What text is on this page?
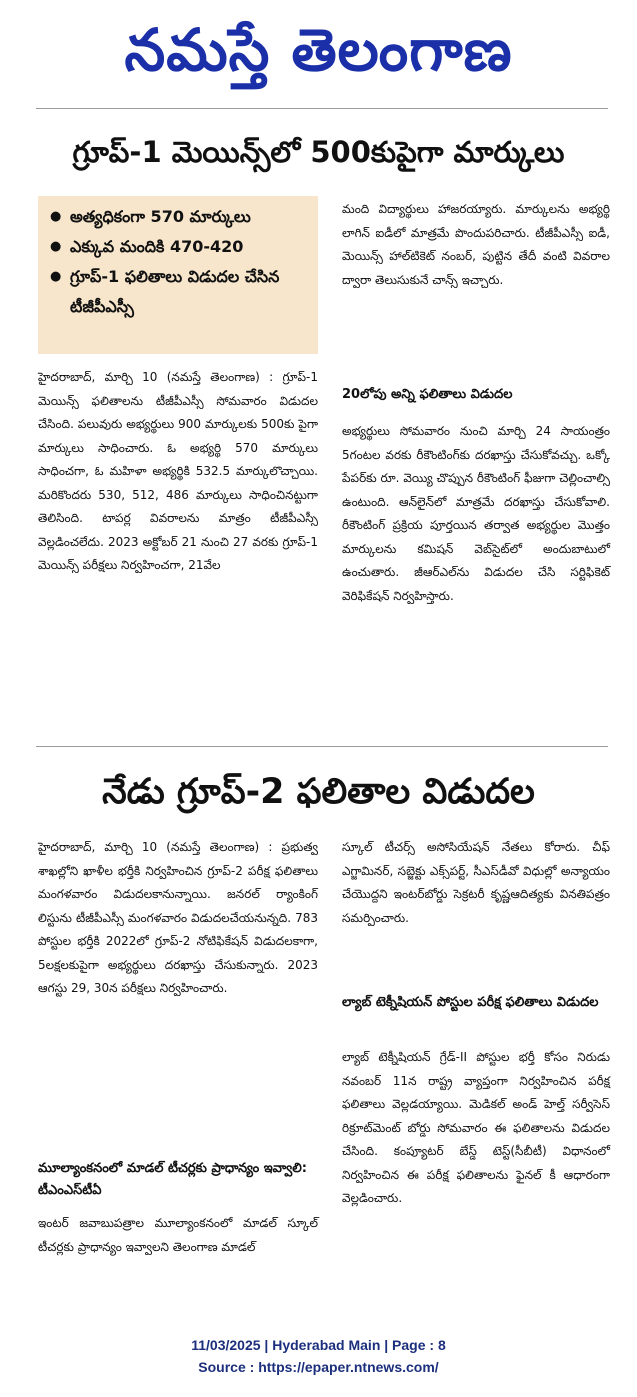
నమస్తే తెలంగాణ
గ్రూప్-1 మెయిన్స్‌లో 500కుపైగా మార్కులు
● అత్యధికంగా 570 మార్కులు
● ఎక్కువ మందికి 470-420
● గ్రూప్-1 ఫలితాలు విడుదల చేసిన టీజీపీఎస్సీ

హైదరాబాద్, మార్చి 10 (నమస్తే తెలంగాణ) : గ్రూప్-1 మెయిన్స్ ఫలితాలను టీజీపీఎస్సీ సోమవారం విడుదల చేసింది. పలువురు అభ్యర్థులు 900 మార్కులకు 500కు పైగా మార్కులు సాధించారు. ఓ అభ్యర్థి 570 మార్కులు సాధించగా, ఓ మహిళా అభ్యర్థికి 532.5 మార్కులొచ్చాయి. మరికొందరు 530, 512, 486 మార్కులు సాధించినట్టుగా తెలిసింది. టాపర్ల వివరాలను మాత్రం టీజీపీఎస్సీ వెల్లడించలేదు. 2023 అక్టోబర్ 21 నుంచి 27 వరకు గ్రూప్-1 మెయిన్స్ పరీక్షలు నిర్వహించగా, 21వేల

మంది విద్యార్థులు హాజరయ్యారు. మార్కులను అభ్యర్థి లాగిన్ ఐడీలో మాత్రమే పొందుపరిచారు. టీజీపీఎస్సీ ఐడీ, మెయిన్స్ హాల్‌టికెట్ నంబర్, పుట్టిన తేదీ వంటి వివరాల ద్వారా తెలుసుకునే చాన్స్ ఇచ్చారు.

20లోపు అన్ని ఫలితాలు విడుదల

అభ్యర్థులు సోమవారం నుంచి మార్చి 24 సాయంత్రం 5గంటల వరకు రీకౌంటింగ్‌కు దరఖాస్తు చేసుకోవచ్చు. ఒక్కో పేపర్‌కు రూ. వెయ్యి చొప్పున రీకౌంటింగ్ ఫీజుగా చెల్లించాల్సి ఉంటుంది. ఆన్‌లైన్‌లో మాత్రమే దరఖాస్తు చేసుకోవాలి. రీకౌంటింగ్ ప్రక్రియ పూర్తయిన తర్వాత అభ్యర్థుల మొత్తం మార్కులను కమిషన్ వెబ్‌సైట్‌లో అందుబాటులో ఉంచుతారు. జీఆర్‌ఎల్‌ను విడుదల చేసి సర్టిఫికెట్ వెరిఫికేషన్ నిర్వహిస్తారు.

నేడు గ్రూప్-2 ఫలితాల విడుదల

హైదరాబాద్, మార్చి 10 (నమస్తే తెలంగాణ) : ప్రభుత్వ శాఖల్లోని ఖాళీల భర్తీకి నిర్వహించిన గ్రూప్-2 పరీక్ష ఫలితాలు మంగళవారం విడుదలకానున్నాయి. జనరల్ ర్యాంకింగ్ లిస్టును టీజీపీఎస్సీ మంగళవారం విడుదలచేయనున్నది. 783 పోస్టుల భర్తీకి 2022లో గ్రూప్-2 నోటిఫికేషన్ విడుదలకాగా, 5లక్షలకుపైగా అభ్యర్థులు దరఖాస్తు చేసుకున్నారు. 2023 ఆగస్టు 29, 30న పరీక్షలు నిర్వహించారు.

మూల్యాంకనంలో మాడల్ టీచర్లకు ప్రాధాన్యం ఇవ్వాలి: టీఎంఎస్‌టీఏ

ఇంటర్ జవాబుపత్రాల మూల్యాంకనంలో మాడల్ స్కూల్ టీచర్లకు ప్రాధాన్యం ఇవ్వాలని తెలంగాణ మాడల్

స్కూల్ టీచర్స్ అసోసియేషన్ నేతలు కోరారు. చీఫ్ ఎగ్జామినర్, సబ్జెక్టు ఎక్స్‌పర్ట్, సీఎస్‌డీవో విధుల్లో అన్యాయం చేయొద్దని ఇంటర్‌బోర్డు సెక్రటరీ కృష్ణఆదిత్యకు వినతిపత్రం సమర్పించారు.

ల్యాబ్ టెక్నీషియన్ పోస్టుల పరీక్ష ఫలితాలు విడుదల

ల్యాబ్ టెక్నీషియన్ గ్రేడ్-II పోస్టుల భర్తీ కోసం నిరుడు నవంబర్ 11న రాష్ట్ర వ్యాప్తంగా నిర్వహించిన పరీక్ష ఫలితాలు వెల్లడయ్యాయి. మెడికల్ అండ్ హెల్త్ సర్వీసెస్ రిక్రూట్‌మెంట్ బోర్డు సోమవారం ఈ ఫలితాలను విడుదల చేసింది. కంప్యూటర్ బేస్డ్ టెస్ట్(సీబీటీ) విధానంలో నిర్వహించిన ఈ పరీక్ష ఫలితాలను ఫైనల్ కీ ఆధారంగా వెల్లడించారు.

11/03/2025 | Hyderabad Main | Page : 8
Source : https://epaper.ntnews.com/
